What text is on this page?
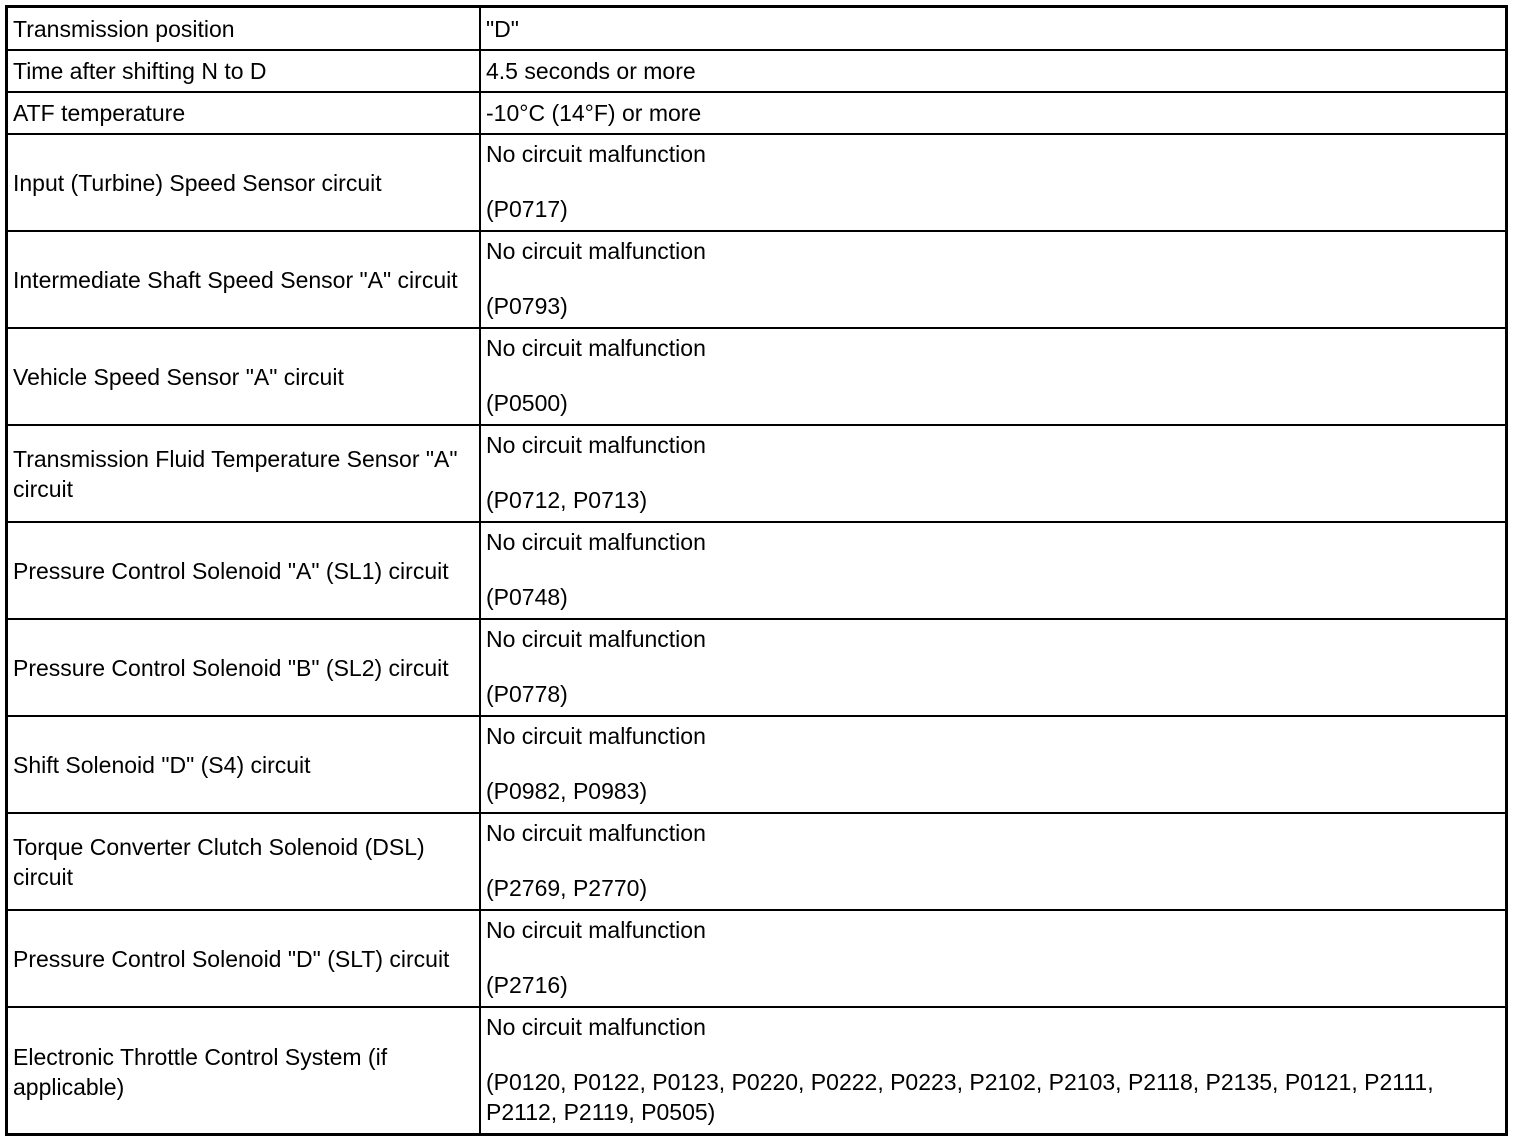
Transmission position	"D"
Time after shifting N to D	4.5 seconds or more
ATF temperature	-10°C (14°F) or more
Input (Turbine) Speed Sensor circuit	No circuit malfunction
(P0717)

Intermediate Shaft Speed Sensor "A" circuit	No circuit malfunction
(P0793)

Vehicle Speed Sensor "A" circuit	No circuit malfunction
(P0500)

Transmission Fluid Temperature Sensor "A" circuit	No circuit malfunction
(P0712, P0713)

Pressure Control Solenoid "A" (SL1) circuit	No circuit malfunction
(P0748)

Pressure Control Solenoid "B" (SL2) circuit	No circuit malfunction
(P0778)

Shift Solenoid "D" (S4) circuit	No circuit malfunction
(P0982, P0983)

Torque Converter Clutch Solenoid (DSL) circuit	No circuit malfunction
(P2769, P2770)

Pressure Control Solenoid "D" (SLT) circuit	No circuit malfunction
(P2716)

Electronic Throttle Control System (if applicable)	No circuit malfunction
(P0120, P0122, P0123, P0220, P0222, P0223, P2102, P2103, P2118, P2135, P0121, P2111, P2112, P2119, P0505)
